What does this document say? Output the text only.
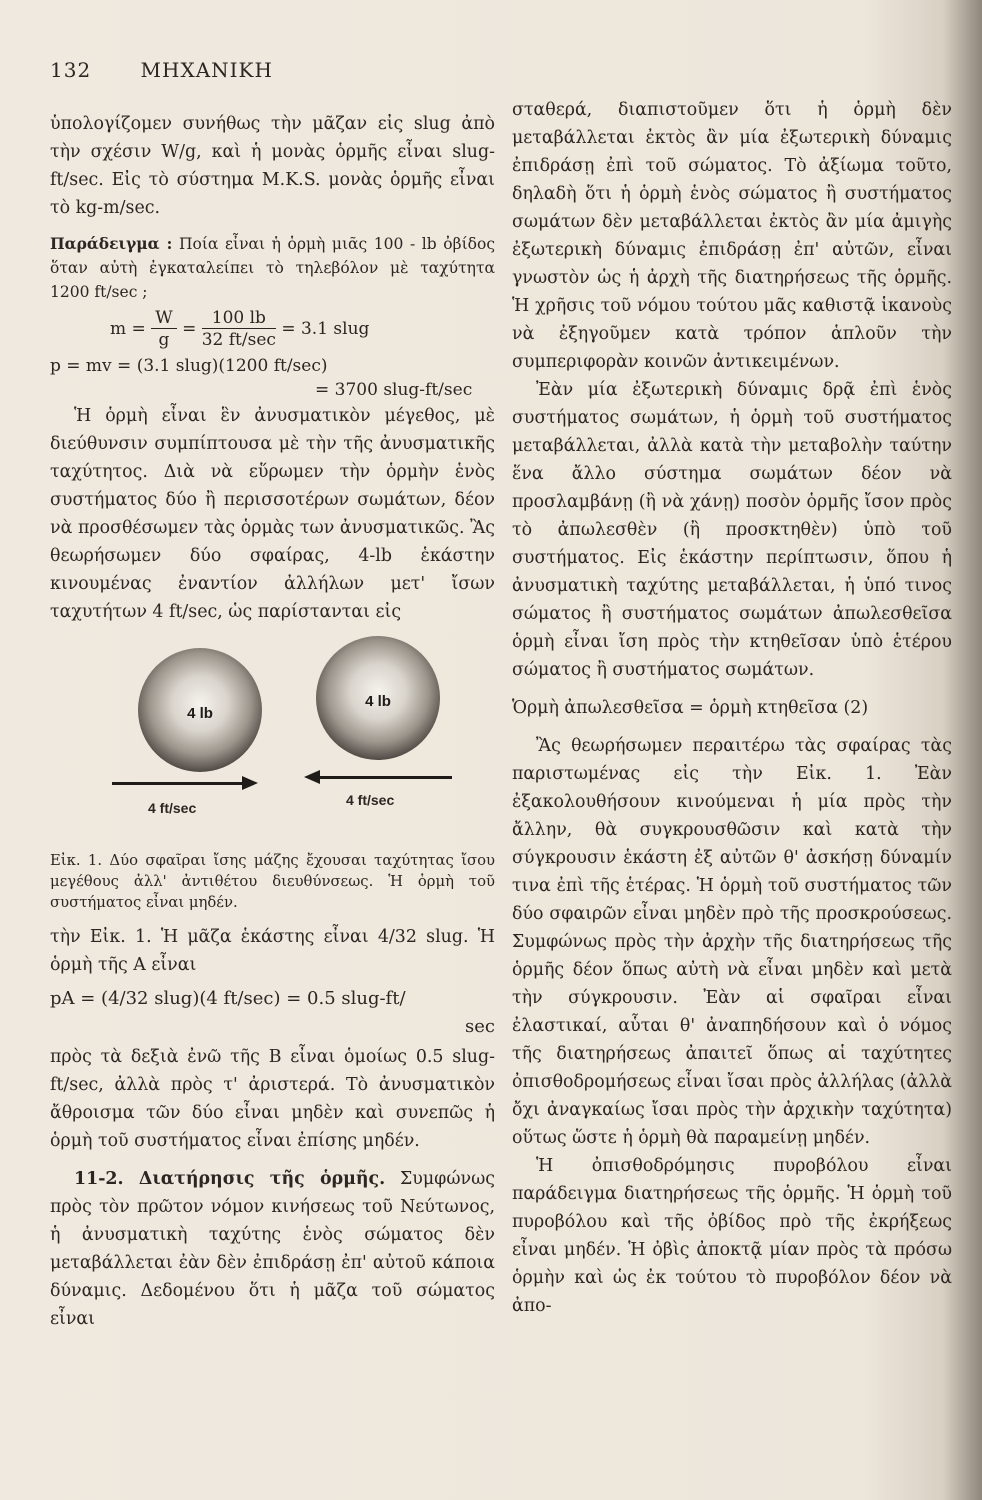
132 ΜΗΧΑΝΙΚΗ

ὑπολογίζομεν συνήθως τὴν μᾶζαν εἰς slug ἀπὸ τὴν σχέσιν W/g, καὶ ἡ μονὰς ὁρμῆς εἶναι slug-ft/sec. Εἰς τὸ σύστημα M.K.S. μονὰς ὁρμῆς εἶναι τὸ kg-m/sec.

Παράδειγμα : Ποία εἶναι ἡ ὁρμὴ μιᾶς 100 - lb ὀβίδος ὅταν αὐτὴ ἐγκαταλείπει τὸ τηλεβόλον μὲ ταχύτητα 1200 ft/sec ;

$m = \frac{W}{g} = \frac{100 lb}{32 ft/\sec} = 3.1$ slug
p = mv = (3.1 slug)(1200 ft/sec)
= 3700 slug-ft/sec

Ἡ ὁρμὴ εἶναι ἓν ἀνυσματικὸν μέγεθος, μὲ διεύθυνσιν συμπίπτουσα μὲ τὴν τῆς ἀνυσματικῆς ταχύτητος. Διὰ νὰ εὕρωμεν τὴν ὁρμὴν ἑνὸς συστήματος δύο ἢ περισσοτέρων σωμάτων, δέον νὰ προσθέσωμεν τὰς ὁρμὰς των ἀνυσματικῶς. Ἂς θεωρήσωμεν δύο σφαίρας, 4-lb ἑκάστην κινουμένας ἐναντίον ἀλλήλων μετ' ἴσων ταχυτήτων 4 ft/sec, ὡς παρίστανται εἰς

4 lb
4 lb
4 ft/sec	4 ft/sec

Εἰκ. 1. Δύο σφαῖραι ἴσης μάζης ἔχουσαι ταχύτητας ἴσου μεγέθους ἀλλ' ἀντιθέτου διευθύνσεως. Ἡ ὁρμὴ τοῦ συστήματος εἶναι μηδέν.

τὴν Εἰκ. 1. Ἡ μᾶζα ἑκάστης εἶναι 4/32 slug. Ἡ ὁρμὴ τῆς A εἶναι

pA = (4/32 slug)(4 ft/sec) = 0.5 slug-ft/
sec

πρὸς τὰ δεξιὰ ἐνῶ τῆς B εἶναι ὁμοίως 0.5 slug-ft/sec, ἀλλὰ πρὸς τ' ἀριστερά. Τὸ ἀνυσματικὸν ἄθροισμα τῶν δύο εἶναι μηδὲν καὶ συνεπῶς ἡ ὁρμὴ τοῦ συστήματος εἶναι ἐπίσης μηδέν.

11-2. Διατήρησις τῆς ὁρμῆς. Συμφώνως πρὸς τὸν πρῶτον νόμον κινήσεως τοῦ Νεύτωνος, ἡ ἀνυσματικὴ ταχύτης ἑνὸς σώματος δὲν μεταβάλλεται ἐὰν δὲν ἐπιδράσῃ ἐπ' αὐτοῦ κάποια δύναμις. Δεδομένου ὅτι ἡ μᾶζα τοῦ σώματος εἶναι

σταθερά, διαπιστοῦμεν ὅτι ἡ ὁρμὴ δὲν μεταβάλλεται ἐκτὸς ἂν μία ἐξωτερικὴ δύναμις ἐπιδράσῃ ἐπὶ τοῦ σώματος. Τὸ ἀξίωμα τοῦτο, δηλαδὴ ὅτι ἡ ὁρμὴ ἑνὸς σώματος ἢ συστήματος σωμάτων δὲν μεταβάλλεται ἐκτὸς ἂν μία ἀμιγὴς ἐξωτερικὴ δύναμις ἐπιδράσῃ ἐπ' αὐτῶν, εἶναι γνωστὸν ὡς ἡ ἀρχὴ τῆς διατηρήσεως τῆς ὁρμῆς. Ἡ χρῆσις τοῦ νόμου τούτου μᾶς καθιστᾷ ἱκανοὺς νὰ ἐξηγοῦμεν κατὰ τρόπον ἁπλοῦν τὴν συμπεριφορὰν κοινῶν ἀντικειμένων.

Ἐὰν μία ἐξωτερικὴ δύναμις δρᾷ ἐπὶ ἑνὸς συστήματος σωμάτων, ἡ ὁρμὴ τοῦ συστήματος μεταβάλλεται, ἀλλὰ κατὰ τὴν μεταβολὴν ταύτην ἕνα ἄλλο σύστημα σωμάτων δέον νὰ προσλαμβάνῃ (ἢ νὰ χάνῃ) ποσὸν ὁρμῆς ἴσον πρὸς τὸ ἀπωλεσθὲν (ἢ προσκτηθὲν) ὑπὸ τοῦ συστήματος. Εἰς ἑκάστην περίπτωσιν, ὅπου ἡ ἀνυσματικὴ ταχύτης μεταβάλλεται, ἡ ὑπό τινος σώματος ἢ συστήματος σωμάτων ἀπωλεσθεῖσα ὁρμὴ εἶναι ἴση πρὸς τὴν κτηθεῖσαν ὑπὸ ἑτέρου σώματος ἢ συστήματος σωμάτων.

Ὁρμὴ ἀπωλεσθεῖσα = ὁρμὴ κτηθεῖσα (2)

Ἂς θεωρήσωμεν περαιτέρω τὰς σφαίρας τὰς παριστωμένας εἰς τὴν Εἰκ. 1. Ἐὰν ἐξακολουθήσουν κινούμεναι ἡ μία πρὸς τὴν ἄλλην, θὰ συγκρουσθῶσιν καὶ κατὰ τὴν σύγκρουσιν ἑκάστη ἐξ αὐτῶν θ' ἀσκήσῃ δύναμίν τινα ἐπὶ τῆς ἑτέρας. Ἡ ὁρμὴ τοῦ συστήματος τῶν δύο σφαιρῶν εἶναι μηδὲν πρὸ τῆς προσκρούσεως. Συμφώνως πρὸς τὴν ἀρχὴν τῆς διατηρήσεως τῆς ὁρμῆς δέον ὅπως αὐτὴ νὰ εἶναι μηδὲν καὶ μετὰ τὴν σύγκρουσιν. Ἐὰν αἱ σφαῖραι εἶναι ἐλαστικαί, αὗται θ' ἀναπηδήσουν καὶ ὁ νόμος τῆς διατηρήσεως ἀπαιτεῖ ὅπως αἱ ταχύτητες ὀπισθοδρομήσεως εἶναι ἴσαι πρὸς ἀλλήλας (ἀλλὰ ὄχι ἀναγκαίως ἴσαι πρὸς τὴν ἀρχικὴν ταχύτητα) οὕτως ὥστε ἡ ὁρμὴ θὰ παραμείνῃ μηδέν.

Ἡ ὀπισθοδρόμησις πυροβόλου εἶναι παράδειγμα διατηρήσεως τῆς ὁρμῆς. Ἡ ὁρμὴ τοῦ πυροβόλου καὶ τῆς ὀβίδος πρὸ τῆς ἐκρήξεως εἶναι μηδέν. Ἡ ὀβὶς ἀποκτᾷ μίαν πρὸς τὰ πρόσω ὁρμὴν καὶ ὡς ἐκ τούτου τὸ πυροβόλον δέον νὰ ἀπο-
